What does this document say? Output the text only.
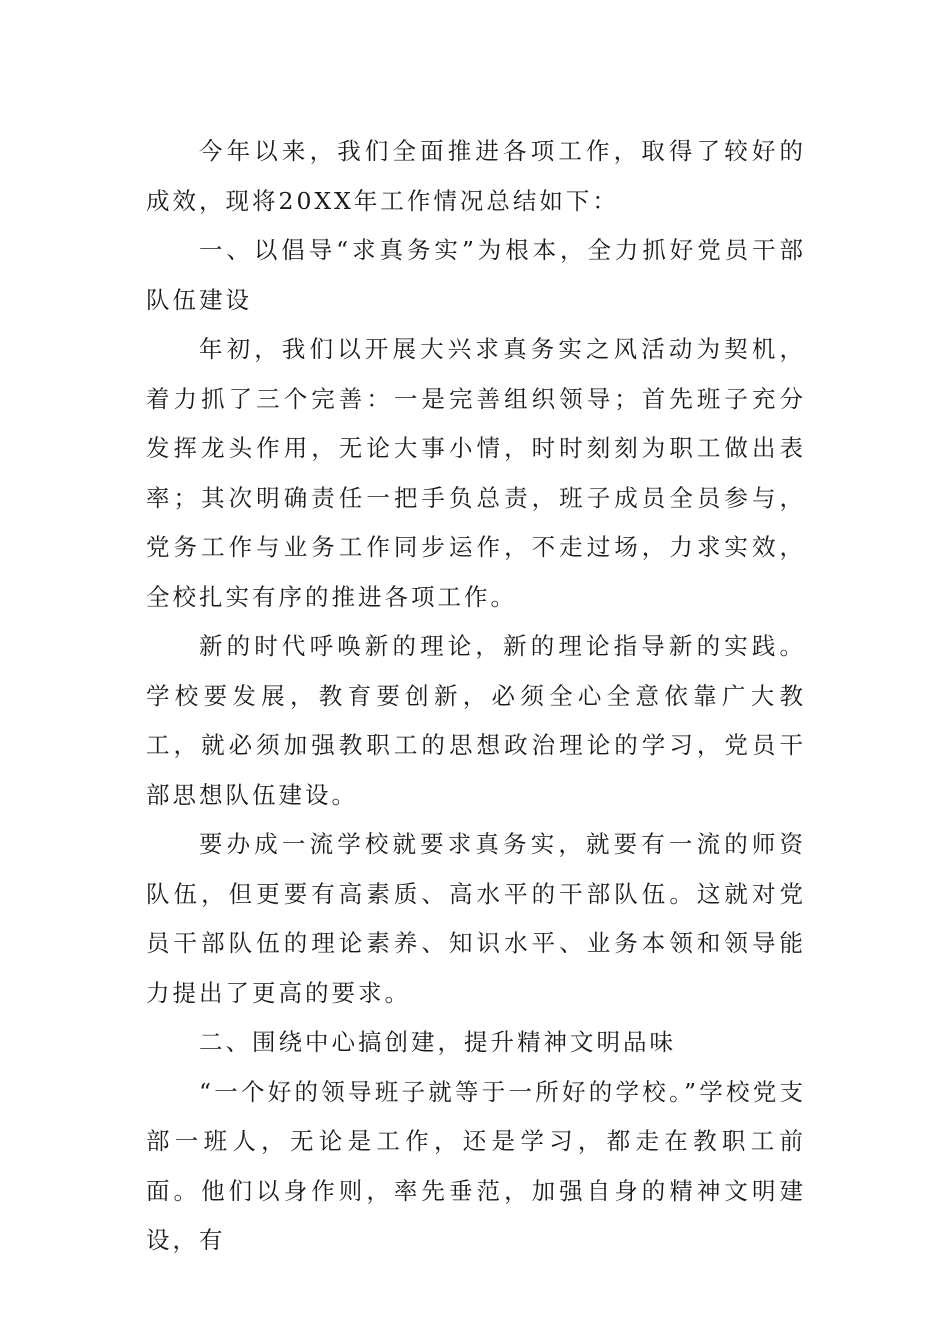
今年以来，我们全面推进各项工作，取得了较好的成效，现将20XX年工作情况总结如下：

一、以倡导“求真务实”为根本，全力抓好党员干部队伍建设

年初，我们以开展大兴求真务实之风活动为契机，着力抓了三个完善：一是完善组织领导；首先班子充分发挥龙头作用，无论大事小情，时时刻刻为职工做出表率；其次明确责任一把手负总责，班子成员全员参与，党务工作与业务工作同步运作，不走过场，力求实效，全校扎实有序的推进各项工作。

新的时代呼唤新的理论，新的理论指导新的实践。学校要发展，教育要创新，必须全心全意依靠广大教工，就必须加强教职工的思想政治理论的学习，党员干部思想队伍建设。

要办成一流学校就要求真务实，就要有一流的师资队伍，但更要有高素质、高水平的干部队伍。这就对党员干部队伍的理论素养、知识水平、业务本领和领导能力提出了更高的要求。

二、围绕中心搞创建，提升精神文明品味

“一个好的领导班子就等于一所好的学校。”学校党支部一班人，无论是工作，还是学习，都走在教职工前面。他们以身作则，率先垂范，加强自身的精神文明建设，有
